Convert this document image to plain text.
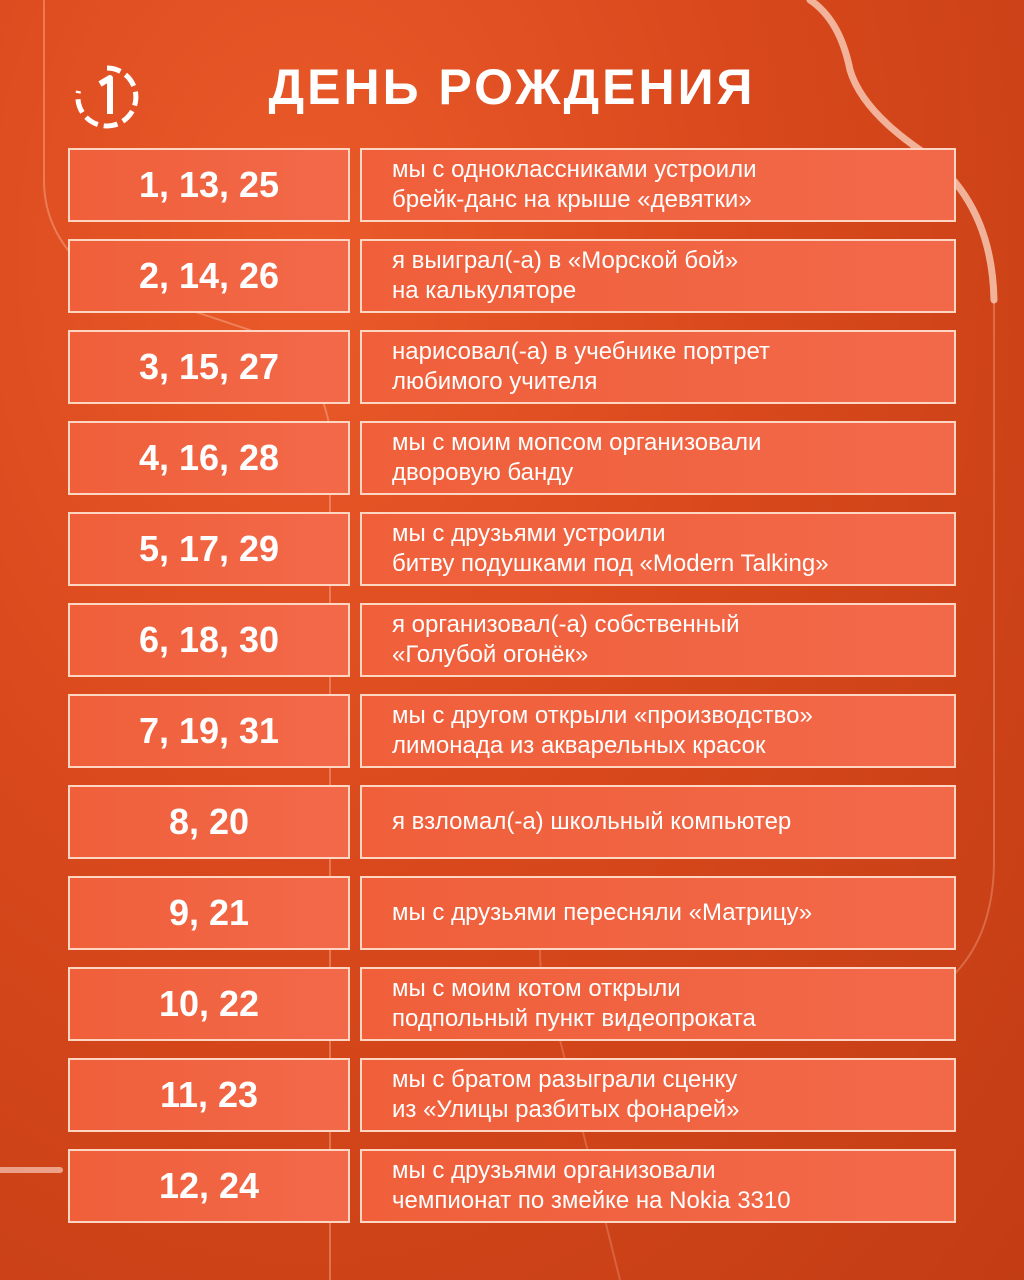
ДЕНЬ РОЖДЕНИЯ
1, 13, 25	мы с одноклассниками устроили
брейк-данс на крыше «девятки»
2, 14, 26	я выиграл(-а) в «Морской бой»
на калькуляторе
3, 15, 27	нарисовал(-а) в учебнике портрет
любимого учителя
4, 16, 28	мы с моим мопсом организовали
дворовую банду
5, 17, 29	мы с друзьями устроили
битву подушками под «Modern Talking»
6, 18, 30	я организовал(-а) собственный
«Голубой огонёк»
7, 19, 31	мы с другом открыли «производство»
лимонада из акварельных красок
8, 20	я взломал(-а) школьный компьютер
9, 21	мы с друзьями пересняли «Матрицу»
10, 22	мы с моим котом открыли
подпольный пункт видеопроката
11, 23	мы с братом разыграли сценку
из «Улицы разбитых фонарей»
12, 24	мы с друзьями организовали
чемпионат по змейке на Nokia 3310
